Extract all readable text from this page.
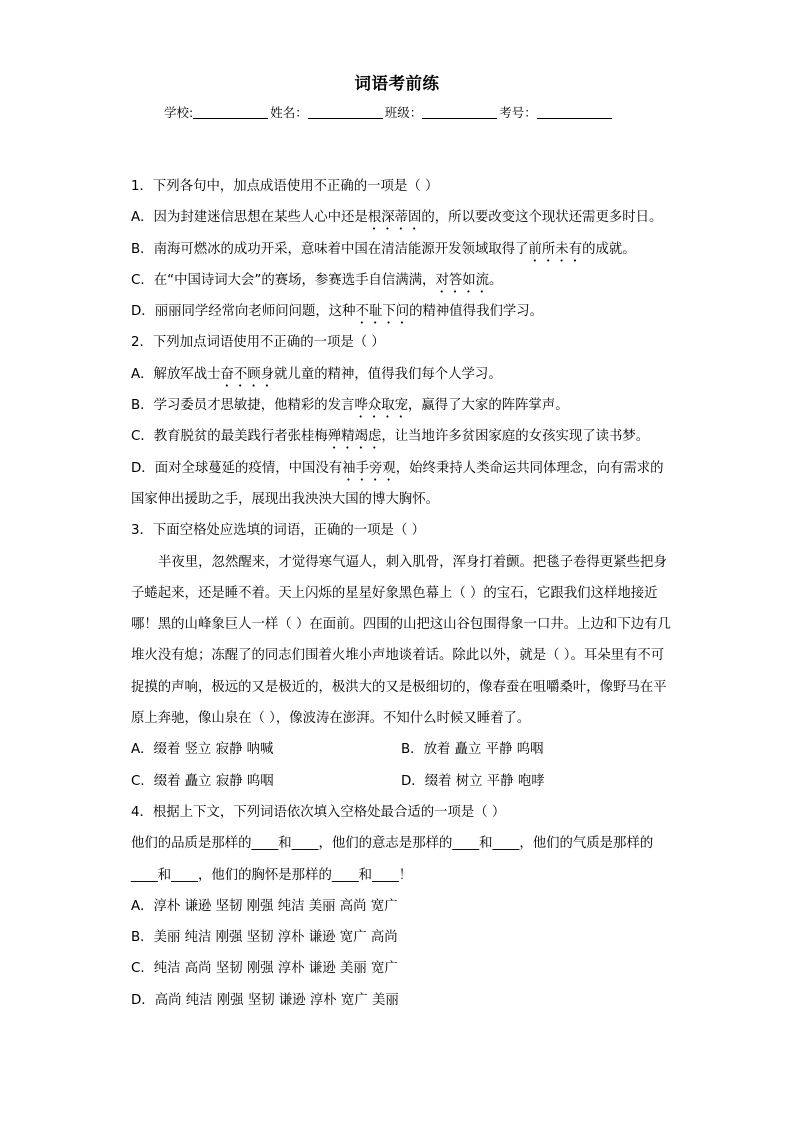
词语考前练
学校:	姓名：	班级：	考号：

1．下列各句中，加点成语使用不正确的一项是（ ）

A．因为封建迷信思想在某些人心中还是根深蒂固的，所以要改变这个现状还需更多时日。

B．南海可燃冰的成功开采，意味着中国在清洁能源开发领域取得了前所未有的成就。

C．在“中国诗词大会”的赛场，参赛选手自信满满，对答如流。

D．丽丽同学经常向老师问问题，这种不耻下问的精神值得我们学习。

2．下列加点词语使用不正确的一项是（ ）

A．解放军战士奋不顾身就儿童的精神，值得我们每个人学习。

B．学习委员才思敏捷，他精彩的发言哗众取宠，赢得了大家的阵阵掌声。

C．教育脱贫的最美践行者张桂梅殚精竭虑，让当地许多贫困家庭的女孩实现了读书梦。

D．面对全球蔓延的疫情，中国没有袖手旁观，始终秉持人类命运共同体理念，向有需求的国家伸出援助之手，展现出我泱泱大国的博大胸怀。

3．下面空格处应选填的词语，正确的一项是（ ）

半夜里，忽然醒来，才觉得寒气逼人，刺入肌骨，浑身打着颤。把毯子卷得更紧些把身子蜷起来，还是睡不着。天上闪烁的星星好象黑色幕上（ ）的宝石，它跟我们这样地接近哪！黑的山峰象巨人一样（ ）在面前。四围的山把这山谷包围得象一口井。上边和下边有几堆火没有熄；冻醒了的同志们围着火堆小声地谈着话。除此以外，就是（ ）。耳朵里有不可捉摸的声响，极远的又是极近的，极洪大的又是极细切的，像春蚕在咀嚼桑叶，像野马在平原上奔驰，像山泉在（ ），像波涛在澎湃。不知什么时候又睡着了。

A．缀着 竖立 寂静 呐喊	B．放着 矗立 平静 呜咽
C．缀着 矗立 寂静 呜咽	D．缀着 树立 平静 咆哮

4．根据上下文，下列词语依次填入空格处最合适的一项是（ ）

他们的品质是那样的____和____，他们的意志是那样的____和____，他们的气质是那样的____和____，他们的胸怀是那样的____和____！

A．淳朴 谦逊 坚韧 刚强 纯洁 美丽 高尚 宽广

B．美丽 纯洁 刚强 坚韧 淳朴 谦逊 宽广 高尚

C．纯洁 高尚 坚韧 刚强 淳朴 谦逊 美丽 宽广

D．高尚 纯洁 刚强 坚韧 谦逊 淳朴 宽广 美丽
